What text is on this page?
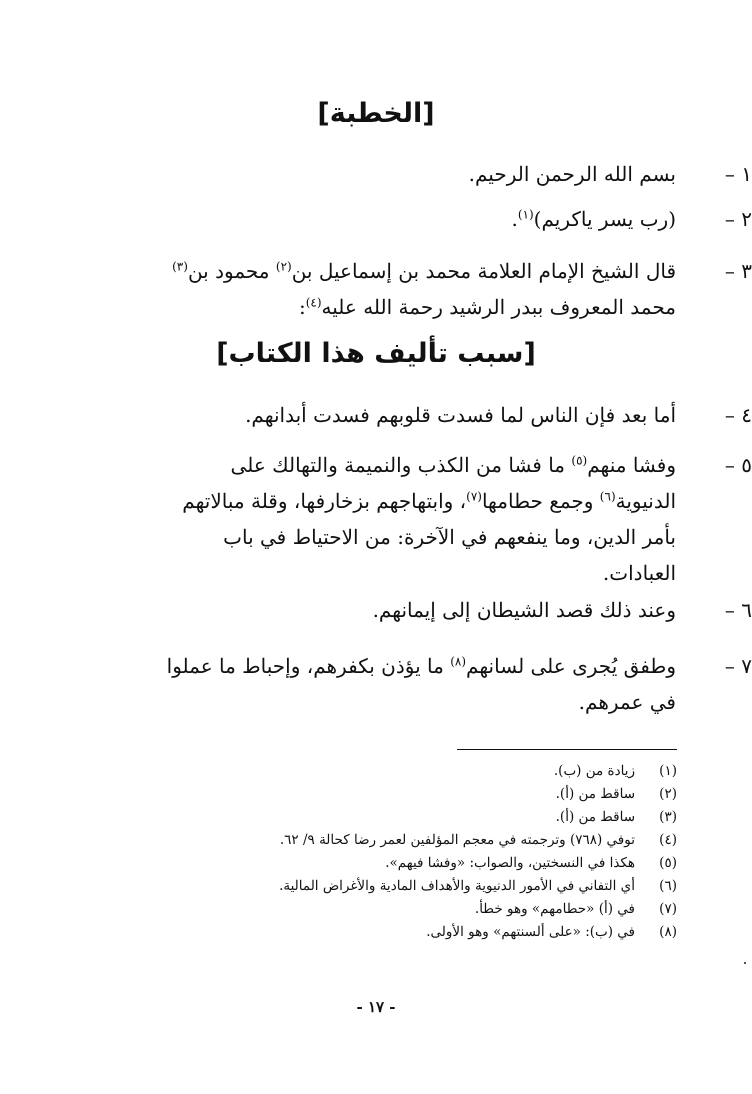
[الخطبة]
[سبب تأليف هذا الكتاب]
(١)
زيادة من (ب).
(٢)
ساقط من (أ).
(٣)
ساقط من (أ).
(٤)
توفي (٧٦٨) وترجمته في معجم المؤلفين لعمر رضا كحالة ٩/ ٦٢.
(٥)
هكذا في النسختين، والصواب: «وفشا فيهم».
(٦)
أي التفاني في الأمور الدنيوية والأهداف المادية والأغراض المالية.
(٧)
في (أ) «حطامهم» وهو خطأ.
(٨)
في (ب): «على ألسنتهم» وهو الأولى.
- ١٧ -
١ –
بسم الله الرحمن الرحيم.
٢ –
(رب يسر ياكريم)$^{(١)}$.
٣ –
قال الشيخ الإمام العلامة محمد بن إسماعيل بن$^{(٢)}$ محمود بن$^{(٣)}$
محمد المعروف ببدر الرشيد رحمة الله عليه$^{(٤)}$:
٤ –
أما بعد فإن الناس لما فسدت قلوبهم فسدت أبدانهم.
٥ –
وفشا منهم$^{(٥)}$ ما فشا من الكذب والنميمة والتهالك على
الدنيوية$^{(٦)}$ وجمع حطامها$^{(٧)}$، وابتهاجهم بزخارفها، وقلة مبالاتهم
بأمر الدين، وما ينفعهم في الآخرة: من الاحتياط في باب
العبادات.
٦ –
وعند ذلك قصد الشيطان إلى إيمانهم.
٧ –
وطفق يُجرى على لسانهم$^{(٨)}$ ما يؤذن بكفرهم، وإحباط ما عملوا
في عمرهم.
